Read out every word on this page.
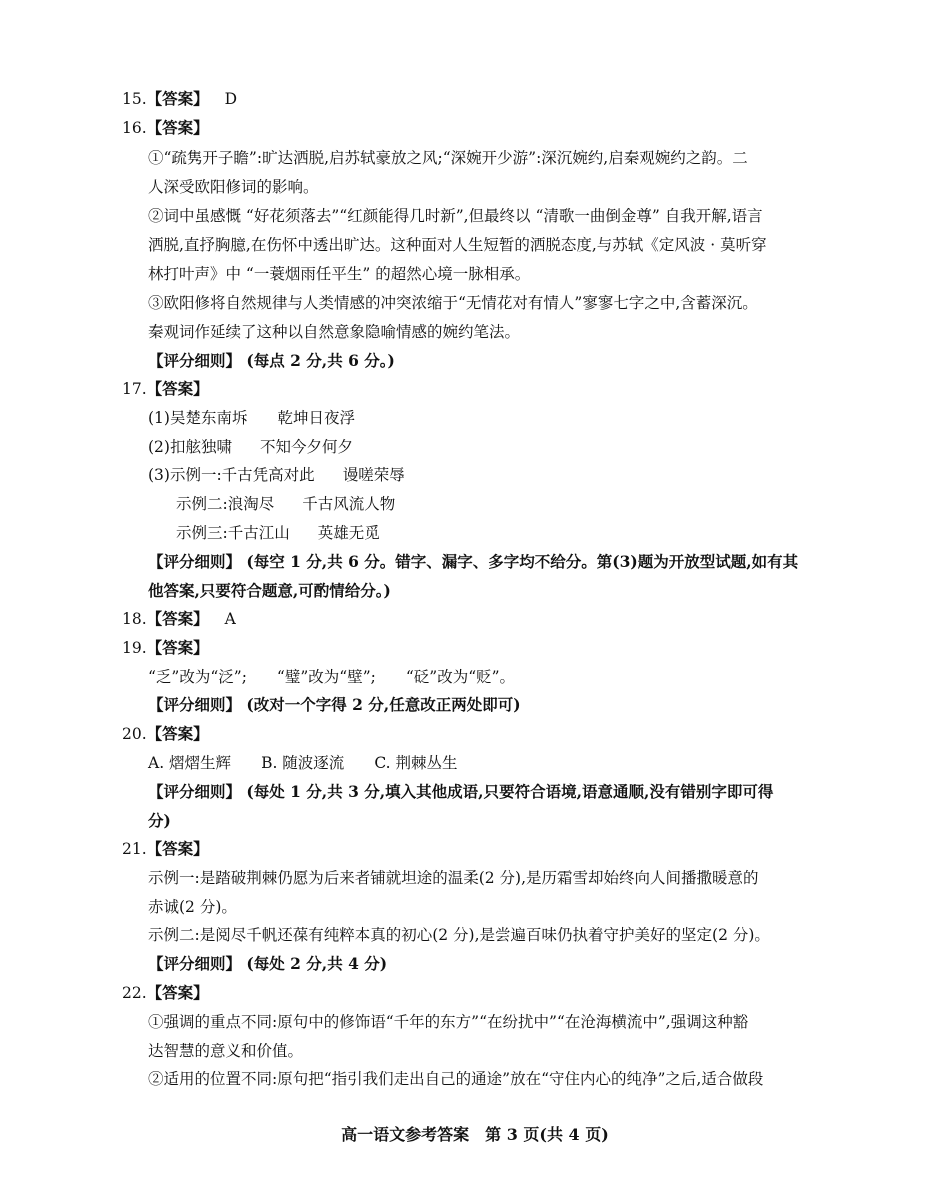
15.【答案】 D
16.【答案】
①“疏隽开子瞻”:旷达洒脱,启苏轼豪放之风;“深婉开少游”:深沉婉约,启秦观婉约之韵。二
人深受欧阳修词的影响。
②词中虽感慨 “好花须落去”“红颜能得几时新”,但最终以 “清歌一曲倒金尊” 自我开解,语言
洒脱,直抒胸臆,在伤怀中透出旷达。这种面对人生短暂的洒脱态度,与苏轼《定风波 · 莫听穿
林打叶声》中 “一蓑烟雨任平生” 的超然心境一脉相承。
③欧阳修将自然规律与人类情感的冲突浓缩于“无情花对有情人”寥寥七字之中,含蓄深沉。
秦观词作延续了这种以自然意象隐喻情感的婉约笔法。
【评分细则】 (每点 2 分,共 6 分。)
17.【答案】
(1)吴楚东南坼 乾坤日夜浮
(2)扣舷独啸 不知今夕何夕
(3)示例一:千古凭高对此 谩嗟荣辱
示例二:浪淘尽 千古风流人物
示例三:千古江山 英雄无觅
【评分细则】 (每空 1 分,共 6 分。错字、漏字、多字均不给分。第(3)题为开放型试题,如有其
他答案,只要符合题意,可酌情给分。)
18.【答案】 A
19.【答案】
“乏”改为“泛”; “璧”改为“壁”; “砭”改为“贬”。
【评分细则】 (改对一个字得 2 分,任意改正两处即可)
20.【答案】
A. 熠熠生辉 B. 随波逐流 C. 荆棘丛生
【评分细则】 (每处 1 分,共 3 分,填入其他成语,只要符合语境,语意通顺,没有错别字即可得
分)
21.【答案】
示例一:是踏破荆棘仍愿为后来者铺就坦途的温柔(2 分),是历霜雪却始终向人间播撒暖意的
赤诚(2 分)。
示例二:是阅尽千帆还葆有纯粹本真的初心(2 分),是尝遍百味仍执着守护美好的坚定(2 分)。
【评分细则】 (每处 2 分,共 4 分)
22.【答案】
①强调的重点不同:原句中的修饰语“千年的东方”“在纷扰中”“在沧海横流中”,强调这种豁
达智慧的意义和价值。
②适用的位置不同:原句把“指引我们走出自己的通途”放在“守住内心的纯净”之后,适合做段
高一语文参考答案　第 3 页(共 4 页)
